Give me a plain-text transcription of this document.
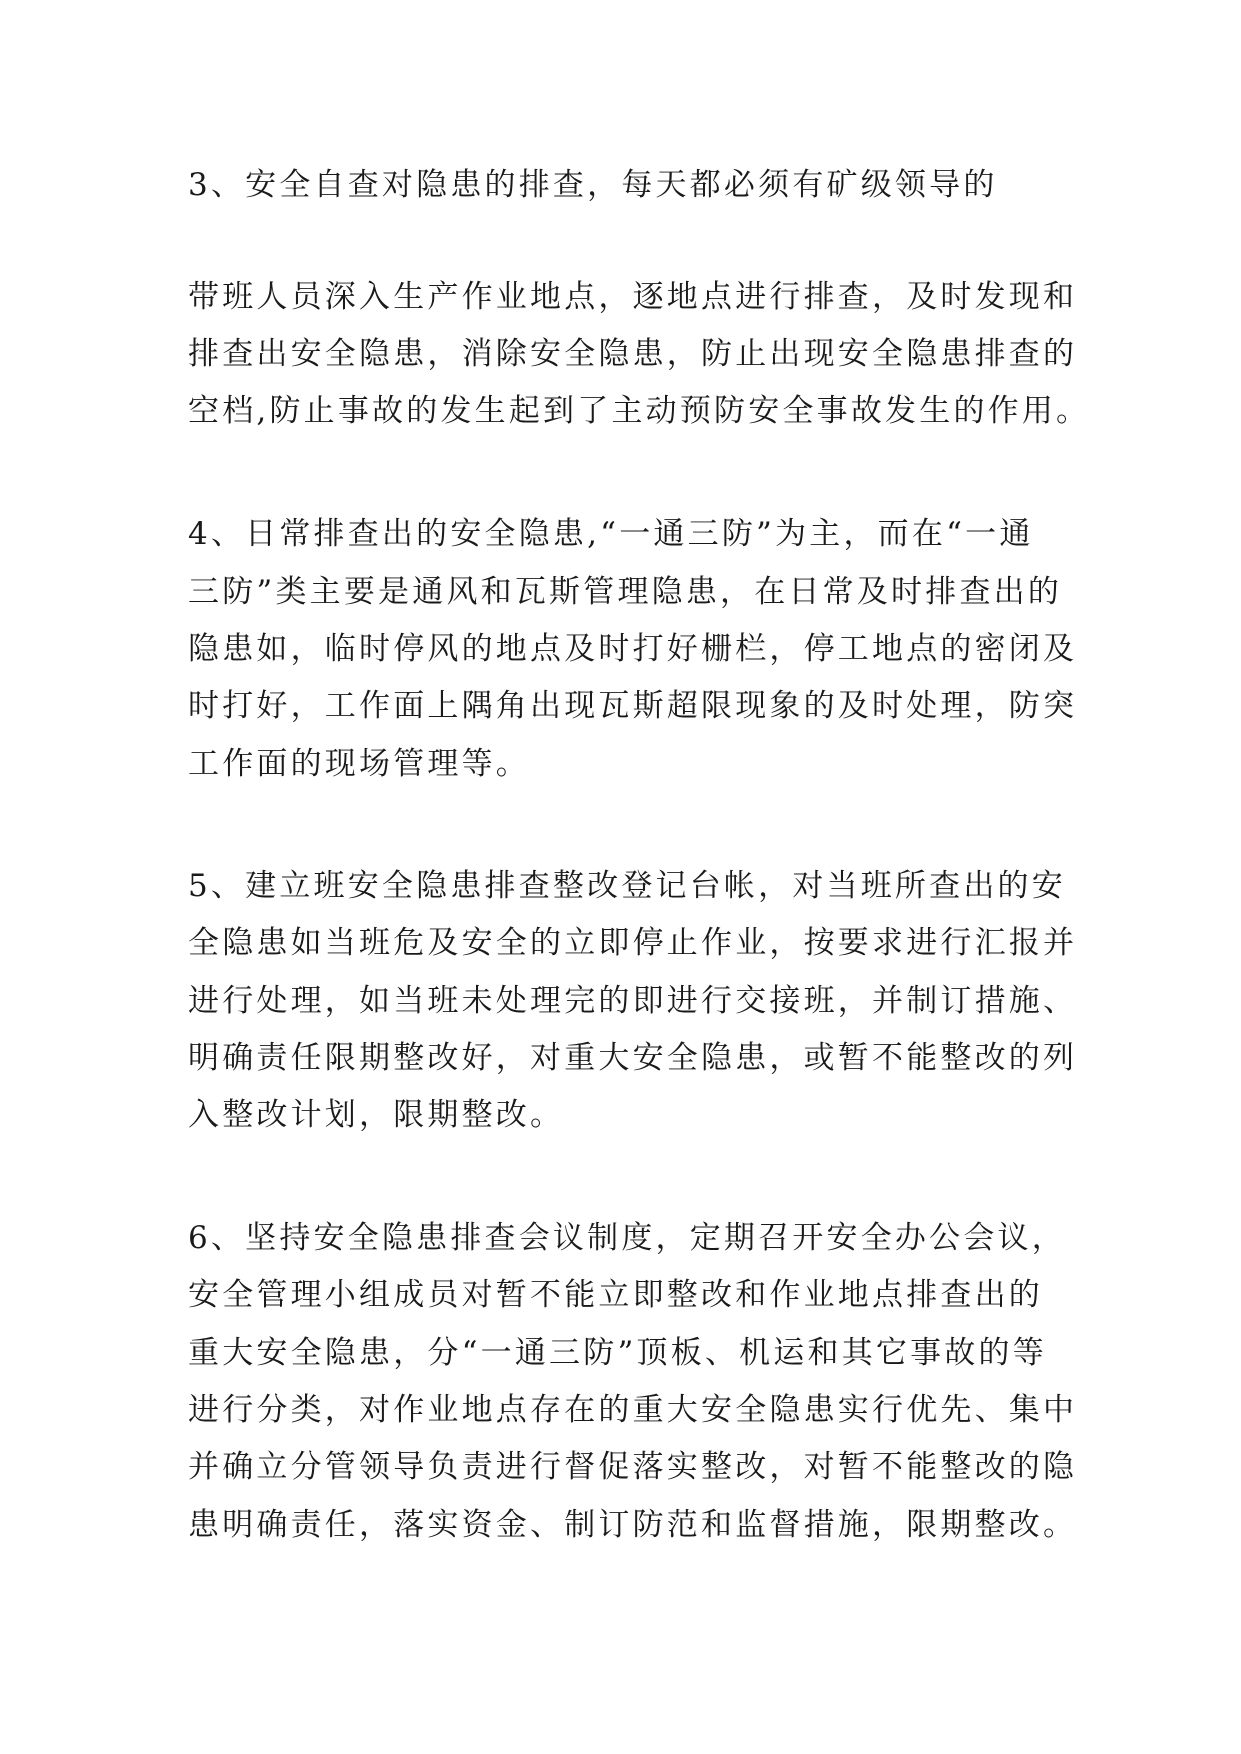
3、安全自查对隐患的排查，每天都必须有矿级领导的

带班人员深入生产作业地点，逐地点进行排查，及时发现和

排查出安全隐患，消除安全隐患，防止出现安全隐患排查的

空档,防止事故的发生起到了主动预防安全事故发生的作用。

4、日常排查出的安全隐患,“一通三防”为主，而在“一通

三防”类主要是通风和瓦斯管理隐患，在日常及时排查出的

隐患如，临时停风的地点及时打好栅栏，停工地点的密闭及

时打好，工作面上隅角出现瓦斯超限现象的及时处理，防突

工作面的现场管理等。

5、建立班安全隐患排查整改登记台帐，对当班所查出的安

全隐患如当班危及安全的立即停止作业，按要求进行汇报并

进行处理，如当班未处理完的即进行交接班，并制订措施、

明确责任限期整改好，对重大安全隐患，或暂不能整改的列

入整改计划，限期整改。

6、坚持安全隐患排查会议制度，定期召开安全办公会议，

安全管理小组成员对暂不能立即整改和作业地点排查出的

重大安全隐患，分“一通三防”顶板、机运和其它事故的等

进行分类，对作业地点存在的重大安全隐患实行优先、集中

并确立分管领导负责进行督促落实整改，对暂不能整改的隐

患明确责任，落实资金、制订防范和监督措施，限期整改。
